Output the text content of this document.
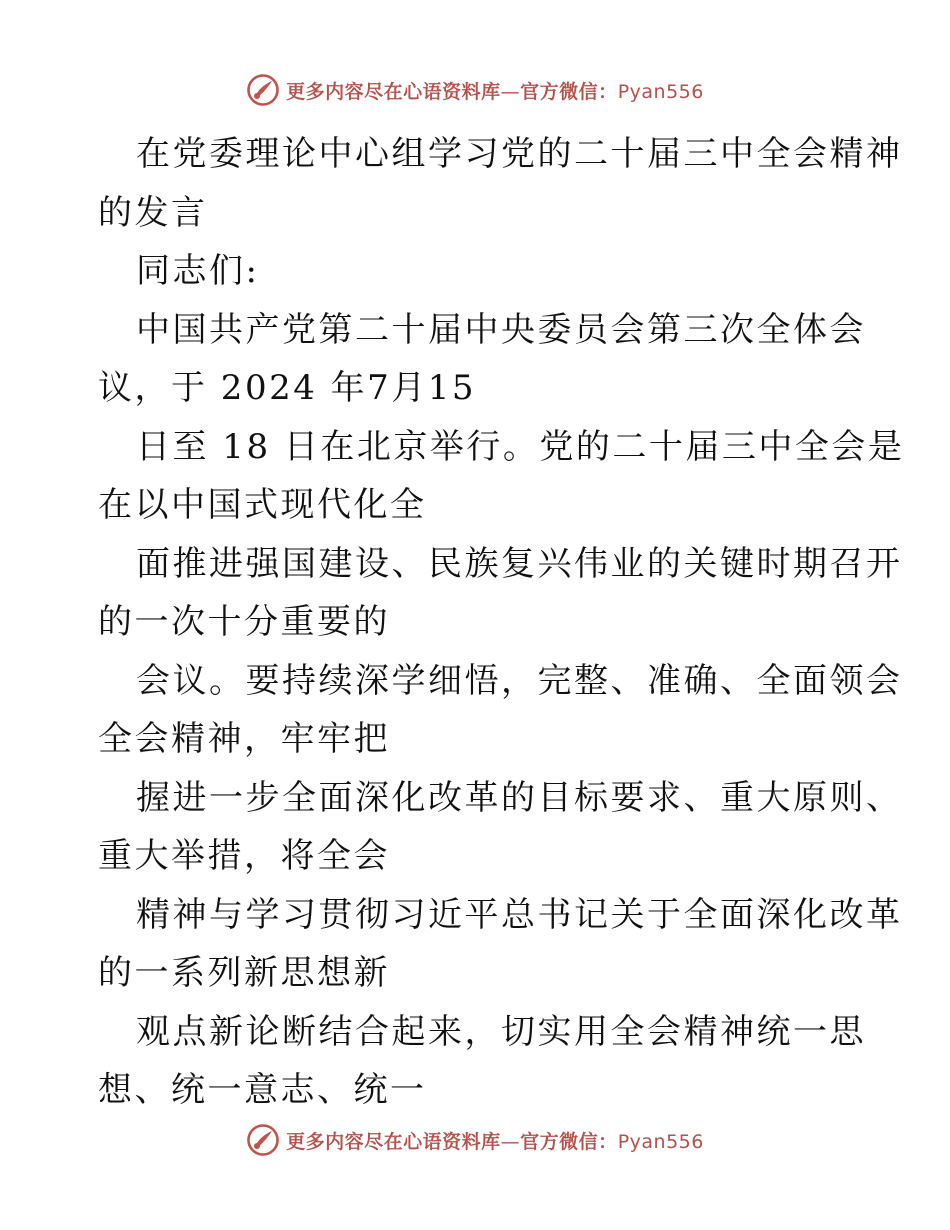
更多内容尽在心语资料库—官方微信：Pyan556
在党委理论中心组学习党的二十届三中全会精神
的发言
同志们:
中国共产党第二十届中央委员会第三次全体会
议，于 2024 年7月15
日至 18 日在北京举行。党的二十届三中全会是
在以中国式现代化全
面推进强国建设、民族复兴伟业的关键时期召开
的一次十分重要的
会议。要持续深学细悟，完整、准确、全面领会
全会精神，牢牢把
握进一步全面深化改革的目标要求、重大原则、
重大举措，将全会
精神与学习贯彻习近平总书记关于全面深化改革
的一系列新思想新
观点新论断结合起来，切实用全会精神统一思
想、统一意志、统一
更多内容尽在心语资料库—官方微信：Pyan556
